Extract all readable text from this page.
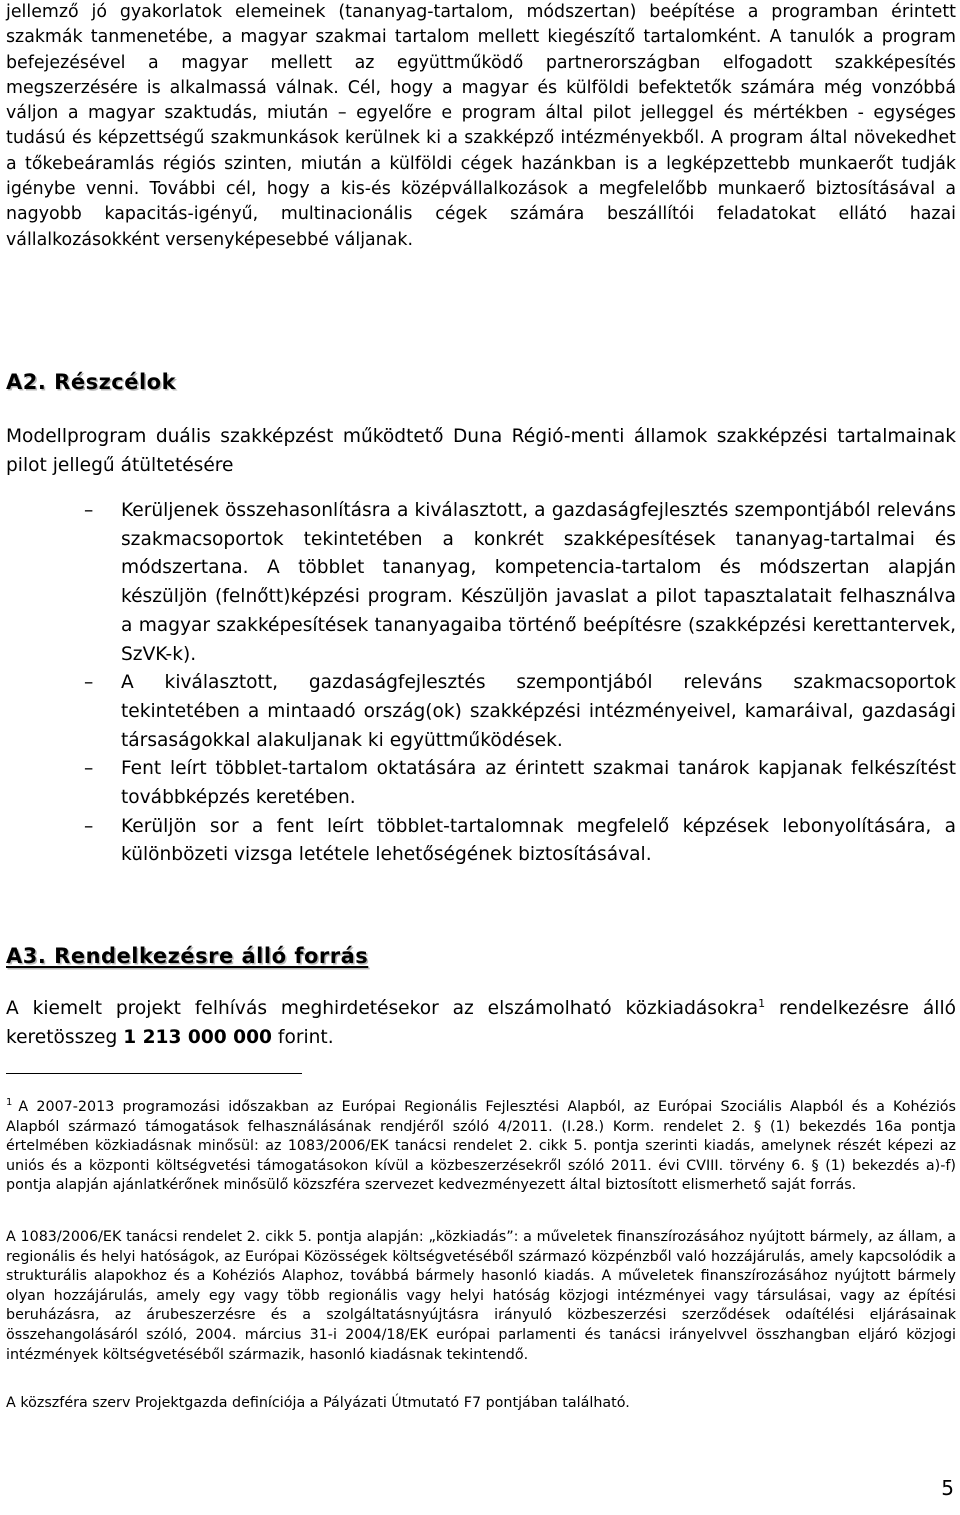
jellemző jó gyakorlatok elemeinek (tananyag-tartalom, módszertan) beépítése a programban érintett szakmák tanmenetébe, a magyar szakmai tartalom mellett kiegészítő tartalomként. A tanulók a program befejezésével a magyar mellett az együttműködő partnerországban elfogadott szakképesítés megszerzésére is alkalmassá válnak. Cél, hogy a magyar és külföldi befektetők számára még vonzóbbá váljon a magyar szaktudás, miután – egyelőre e program által pilot jelleggel és mértékben - egységes tudású és képzettségű szakmunkások kerülnek ki a szakképző intézményekből. A program által növekedhet a tőkebeáramlás régiós szinten, miután a külföldi cégek hazánkban is a legképzettebb munkaerőt tudják igénybe venni. További cél, hogy a kis-és középvállalkozások a megfelelőbb munkaerő biztosításával a nagyobb kapacitás-igényű, multinacionális cégek számára beszállítói feladatokat ellátó hazai vállalkozásokként versenyképesebbé váljanak.

A2. Részcélok

Modellprogram duális szakképzést működtető Duna Régió-menti államok szakképzési tartalmainak pilot jellegű átültetésére

– Kerüljenek összehasonlításra a kiválasztott, a gazdaságfejlesztés szempontjából releváns szakmacsoportok tekintetében a konkrét szakképesítések tananyag-tartalmai és módszertana. A többlet tananyag, kompetencia-tartalom és módszertan alapján készüljön (felnőtt)képzési program. Készüljön javaslat a pilot tapasztalatait felhasználva a magyar szakképesítések tananyagaiba történő beépítésre (szakképzési kerettantervek, SzVK-k).
– A kiválasztott, gazdaságfejlesztés szempontjából releváns szakmacsoportok tekintetében a mintaadó ország(ok) szakképzési intézményeivel, kamaráival, gazdasági társaságokkal alakuljanak ki együttműködések.
– Fent leírt többlet-tartalom oktatására az érintett szakmai tanárok kapjanak felkészítést továbbképzés keretében.
– Kerüljön sor a fent leírt többlet-tartalomnak megfelelő képzések lebonyolítására, a különbözeti vizsga letétele lehetőségének biztosításával.
A3. Rendelkezésre álló forrás

A kiemelt projekt felhívás meghirdetésekor az elszámolható közkiadásokra$^1$ rendelkezésre álló keretösszeg 1 213 000 000 forint.

$^1$ A 2007-2013 programozási időszakban az Európai Regionális Fejlesztési Alapból, az Európai Szociális Alapból és a Kohéziós Alapból származó támogatások felhasználásának rendjéről szóló 4/2011. (I.28.) Korm. rendelet 2. § (1) bekezdés 16a pontja értelmében közkiadásnak minősül: az 1083/2006/EK tanácsi rendelet 2. cikk 5. pontja szerinti kiadás, amelynek részét képezi az uniós és a központi költségvetési támogatásokon kívül a közbeszerzésekről szóló 2011. évi CVIII. törvény 6. § (1) bekezdés a)-f) pontja alapján ajánlatkérőnek minősülő közszféra szervezet kedvezményezett által biztosított elismerhető saját forrás.

A 1083/2006/EK tanácsi rendelet 2. cikk 5. pontja alapján: „közkiadás”: a műveletek finanszírozásához nyújtott bármely, az állam, a regionális és helyi hatóságok, az Európai Közösségek költségvetéséből származó közpénzből való hozzájárulás, amely kapcsolódik a strukturális alapokhoz és a Kohéziós Alaphoz, továbbá bármely hasonló kiadás. A műveletek finanszírozásához nyújtott bármely olyan hozzájárulás, amely egy vagy több regionális vagy helyi hatóság közjogi intézményei vagy társulásai, vagy az építési beruházásra, az árubeszerzésre és a szolgáltatásnyújtásra irányuló közbeszerzési szerződések odaítélési eljárásainak összehangolásáról szóló, 2004. március 31-i 2004/18/EK európai parlamenti és tanácsi irányelvvel összhangban eljáró közjogi intézmények költségvetéséből származik, hasonló kiadásnak tekintendő.

A közszféra szerv Projektgazda definíciója a Pályázati Útmutató F7 pontjában található.

5
